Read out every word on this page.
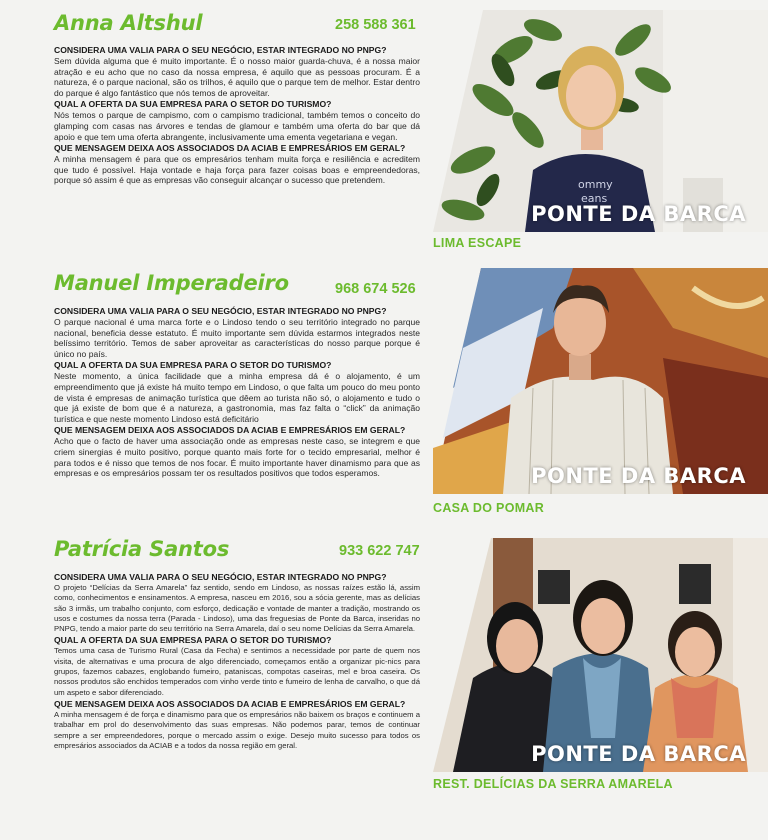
Anna Altshul	258 588 361

CONSIDERA UMA VALIA PARA O SEU NEGÓCIO, ESTAR INTEGRADO NO PNPG?

Sem dúvida alguma que é muito importante. É o nosso maior guarda-chuva, é a nossa maior atração e eu acho que no caso da nossa empresa, é aquilo que as pessoas procuram. É a natureza, é o parque nacional, são os trilhos, é aquilo que o parque tem de melhor. Estar dentro do parque é algo fantástico que nós temos de aproveitar.

QUAL A OFERTA DA SUA EMPRESA PARA O SETOR DO TURISMO?

Nós temos o parque de campismo, com o campismo tradicional, também temos o conceito do glamping com casas nas árvores e tendas de glamour e também uma oferta do bar que dá apoio e que tem uma oferta abrangente, inclusivamente uma ementa vegetariana e vegan.

QUE MENSAGEM DEIXA AOS ASSOCIADOS DA ACIAB E EMPRESÁRIOS EM GERAL?

A minha mensagem é para que os empresários tenham muita força e resiliência e acreditem que tudo é possível. Haja vontade e haja força para fazer coisas boas e empreendedoras, porque só assim é que as empresas vão conseguir alcançar o sucesso que pretendem.	ommy
eans
PONTE DA BARCA
LIMA ESCAPE
Manuel Imperadeiro	968 674 526

CONSIDERA UMA VALIA PARA O SEU NEGÓCIO, ESTAR INTEGRADO NO PNPG?

O parque nacional é uma marca forte e o Lindoso tendo o seu território integrado no parque nacional, beneficia desse estatuto. É muito importante sem dúvida estarmos integrados neste belíssimo território. Temos de saber aproveitar as características do nosso parque porque é único no país.

QUAL A OFERTA DA SUA EMPRESA PARA O SETOR DO TURISMO?

Neste momento, a única facilidade que a minha empresa dá é o alojamento, é um empreendimento que já existe há muito tempo em Lindoso, o que falta um pouco do meu ponto de vista é empresas de animação turística que dêem ao turista não só, o alojamento e tudo o que já existe de bom que é a natureza, a gastronomia, mas faz falta o “click” da animação turística e que neste momento Lindoso está deficitário

QUE MENSAGEM DEIXA AOS ASSOCIADOS DA ACIAB E EMPRESÁRIOS EM GERAL?

Acho que o facto de haver uma associação onde as empresas neste caso, se integrem e que criem sinergias é muito positivo, porque quanto mais forte for o tecido empresarial, melhor é para todos e é nisso que temos de nos focar. É muito importante haver dinamismo para que as empresas e os empresários possam ter os resultados positivos que todos esperamos.	PONTE DA BARCA
CASA DO POMAR
Patrícia Santos	933 622 747

CONSIDERA UMA VALIA PARA O SEU NEGÓCIO, ESTAR INTEGRADO NO PNPG?

O projeto “Delícias da Serra Amarela” faz sentido, sendo em Lindoso, as nossas raízes estão lá, assim como, conhecimentos e ensinamentos. A empresa, nasceu em 2016, sou a sócia gerente, mas as delícias são 3 irmãs, um trabalho conjunto, com esforço, dedicação e vontade de manter a tradição, mostrando os usos e costumes da nossa terra (Parada - Lindoso), uma das freguesias de Ponte da Barca, inseridas no PNPG, tendo a maior parte do seu território na Serra Amarela, daí o seu nome Delícias da Serra Amarela.

QUAL A OFERTA DA SUA EMPRESA PARA O SETOR DO TURISMO?

Temos uma casa de Turismo Rural (Casa da Fecha) e sentimos a necessidade por parte de quem nos visita, de alternativas e uma procura de algo diferenciado, começamos então a organizar pic-nics para grupos, fazemos cabazes, englobando fumeiro, pataniscas, compotas caseiras, mel e broa caseira. Os nossos produtos são enchidos temperados com vinho verde tinto e fumeiro de lenha de carvalho, o que dá um aspeto e sabor diferenciado.

QUE MENSAGEM DEIXA AOS ASSOCIADOS DA ACIAB E EMPRESÁRIOS EM GERAL?

A minha mensagem é de força e dinamismo para que os empresários não baixem os braços e continuem a trabalhar em prol do desenvolvimento das suas empresas. Não podemos parar, temos de continuar sempre a ser empreendedores, porque o mercado assim o exige. Desejo muito sucesso para todos os empresários associados da ACIAB e a todos da nossa região em geral.	PONTE DA BARCA
REST. DELÍCIAS DA SERRA AMARELA
